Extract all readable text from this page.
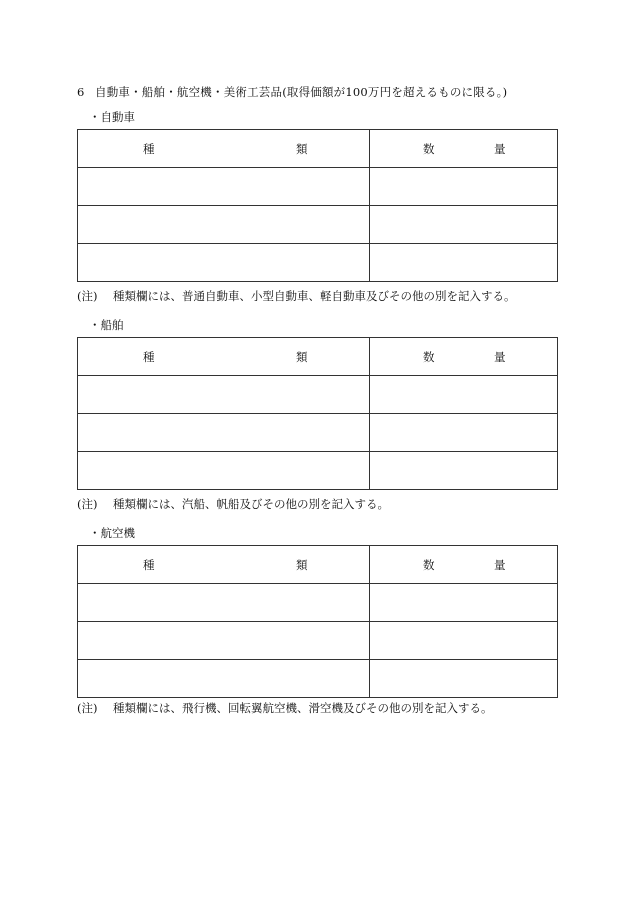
6 自動車・船舶・航空機・美術工芸品(取得価額が100万円を超えるものに限る。)
・自動車
種 類	数 量

(注) 種類欄には、普通自動車、小型自動車、軽自動車及びその他の別を記入する。
・船舶
種 類	数 量

(注) 種類欄には、汽船、帆船及びその他の別を記入する。
・航空機
種 類	数 量

(注) 種類欄には、飛行機、回転翼航空機、滑空機及びその他の別を記入する。
